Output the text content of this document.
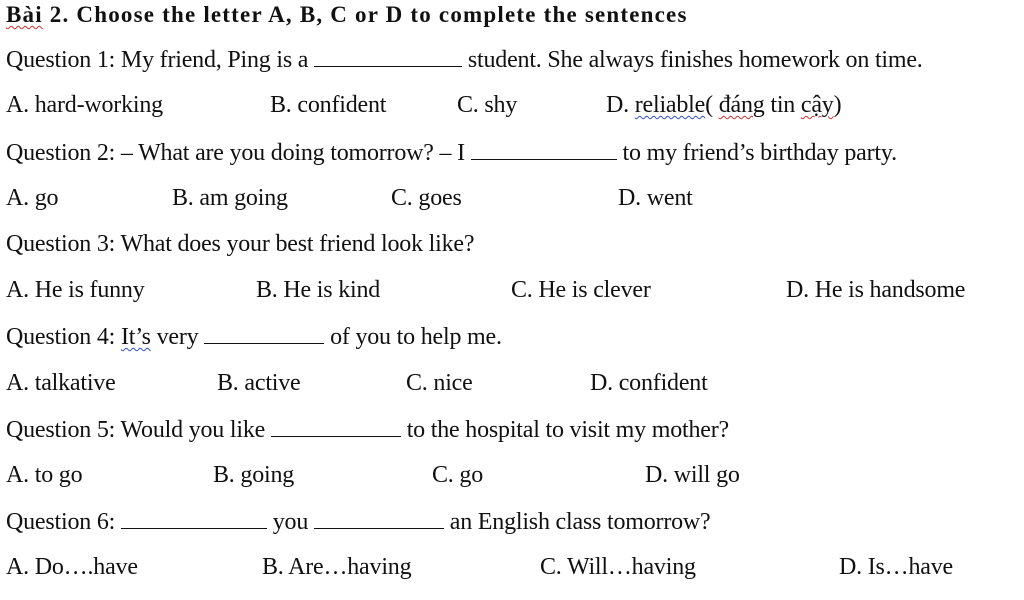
Bài 2. Choose the letter A, B, C or D to complete the sentences
Question 1: My friend, Ping is a	student. She always finishes homework on time.
A. hard-working	B. confident	C. shy	D. reliable( đáng tin cậy)
Question 2: – What are you doing tomorrow? – I	to my friend’s birthday party.
A. go	B. am going	C. goes	D. went
Question 3: What does your best friend look like?
A. He is funny	B. He is kind	C. He is clever	D. He is handsome
Question 4: It’s very	of you to help me.
A. talkative	B. active	C. nice	D. confident
Question 5: Would you like	to the hospital to visit my mother?
A. to go	B. going	C. go	D. will go
Question 6:	you	an English class tomorrow?
A. Do….have	B. Are…having	C. Will…having	D. Is…have
